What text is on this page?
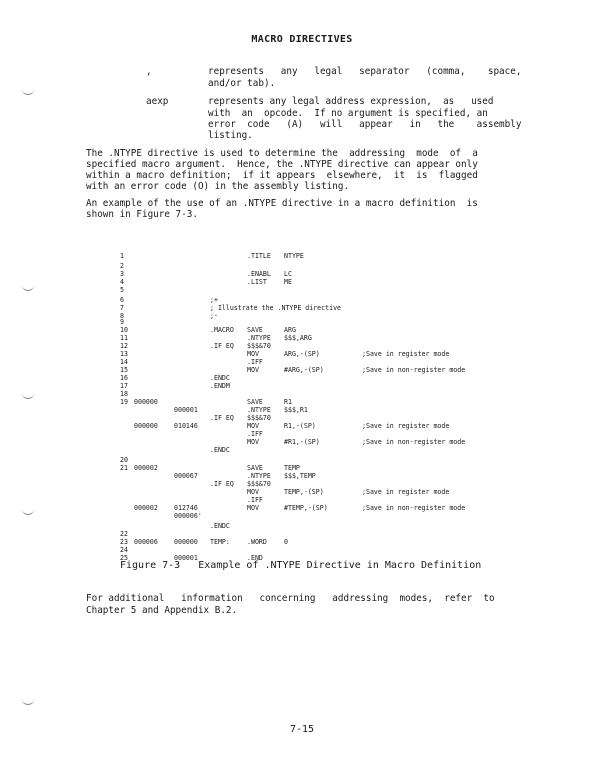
MACRO DIRECTIVES
,	represents   any   legal   separator   (comma,    space,
and/or tab).
aexp	represents any legal address expression,  as   used
with  an  opcode.  If no argument is specified, an
error  code   (A)   will   appear   in   the    assembly
listing.
The .NTYPE directive is used to determine the  addressing  mode  of  a
specified macro argument.  Hence, the .NTYPE directive can appear only
within a macro definition;  if it appears  elsewhere,  it  is  flagged
with an error code (O) in the assembly listing.
An example of the use of an .NTYPE directive in a macro definition  is
shown in Figure 7-3.
1	.TITLE NTYPE
2
3	.ENABL LC
4	.LIST	ME
5
6	;+
7	; Illustrate the .NTYPE directive
8	;-
9
10	.MACRO SAVE	ARG
11	.NTYPE $$$,ARG
12	.IF EQ $$$&70
13	MOV	ARG,-(SP)	;Save in register mode
14	.IFF
15	MOV	#ARG,-(SP)	;Save in non-register mode
16	.ENDC
17	.ENDM
18
19 000000	SAVE	R1
000001	.NTYPE $$$,R1
.IF EQ $$$&70
000000 010146	MOV	R1,-(SP)	;Save in register mode
.IFF
MOV	#R1,-(SP)	;Save in non-register mode
.ENDC
20
21 000002	SAVE	TEMP
000067	.NTYPE $$$,TEMP
.IF EQ $$$&70
MOV	TEMP,-(SP)	;Save in register mode
.IFF
000002 012746	MOV	#TEMP,-(SP)	;Save in non-register mode
000006'
.ENDC
22
23 000006 000000 TEMP:	.WORD	0
24
25	000001	.END
Figure 7-3   Example of .NTYPE Directive in Macro Definition
For additional   information   concerning   addressing  modes,  refer  to
Chapter 5 and Appendix B.2.
7-15
